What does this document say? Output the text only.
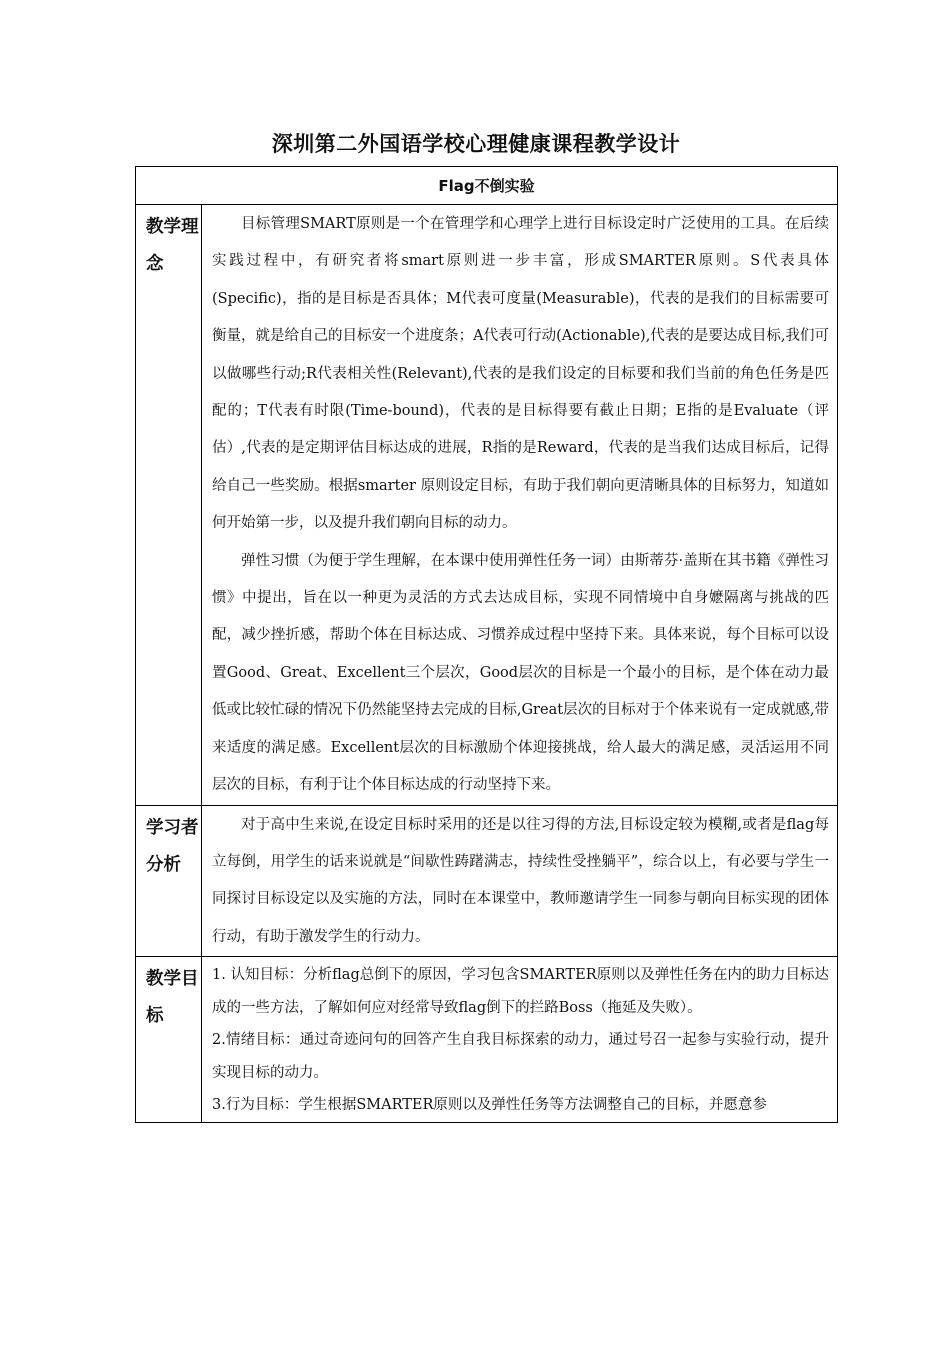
深圳第二外国语学校心理健康课程教学设计
Flag不倒实验	
教学理念	目标管理SMART原则是一个在管理学和心理学上进行目标设定时广泛使用的工具。在后续实践过程中，有研究者将smart原则进一步丰富，形成SMARTER原则。S代表具体(Specific)，指的是目标是否具体；M代表可度量(Measurable)，代表的是我们的目标需要可衡量，就是给自己的目标安一个进度条；A代表可行动(Actionable),代表的是要达成目标,我们可以做哪些行动;R代表相关性(Relevant),代表的是我们设定的目标要和我们当前的角色任务是匹配的；T代表有时限(Time-bound)，代表的是目标得要有截止日期；E指的是Evaluate（评估）,代表的是定期评估目标达成的进展，R指的是Reward，代表的是当我们达成目标后，记得给自己一些奖励。根据smarter 原则设定目标，有助于我们朝向更清晰具体的目标努力，知道如何开始第一步，以及提升我们朝向目标的动力。

弹性习惯（为便于学生理解，在本课中使用弹性任务一词）由斯蒂芬·盖斯在其书籍《弹性习惯》中提出，旨在以一种更为灵活的方式去达成目标，实现不同情境中自身嬷隔离与挑战的匹配，减少挫折感，帮助个体在目标达成、习惯养成过程中坚持下来。具体来说，每个目标可以设置Good、Great、Excellent三个层次，Good层次的目标是一个最小的目标，是个体在动力最低或比较忙碌的情况下仍然能坚持去完成的目标,Great层次的目标对于个体来说有一定成就感,带来适度的满足感。Excellent层次的目标激励个体迎接挑战，给人最大的满足感，灵活运用不同层次的目标，有利于让个体目标达成的行动坚持下来。

学习者分析	对于高中生来说,在设定目标时采用的还是以往习得的方法,目标设定较为模糊,或者是flag每立每倒，用学生的话来说就是“间歇性踌躇满志，持续性受挫躺平”，综合以上，有必要与学生一同探讨目标设定以及实施的方法，同时在本课堂中，教师邀请学生一同参与朝向目标实现的团体行动，有助于激发学生的行动力。

教学目标	1. 认知目标：分析flag总倒下的原因，学习包含SMARTER原则以及弹性任务在内的助力目标达成的一些方法，了解如何应对经常导致flag倒下的拦路Boss（拖延及失败）。

2.情绪目标：通过奇迹问句的回答产生自我目标探索的动力，通过号召一起参与实验行动，提升实现目标的动力。

3.行为目标：学生根据SMARTER原则以及弹性任务等方法调整自己的目标，并愿意参
